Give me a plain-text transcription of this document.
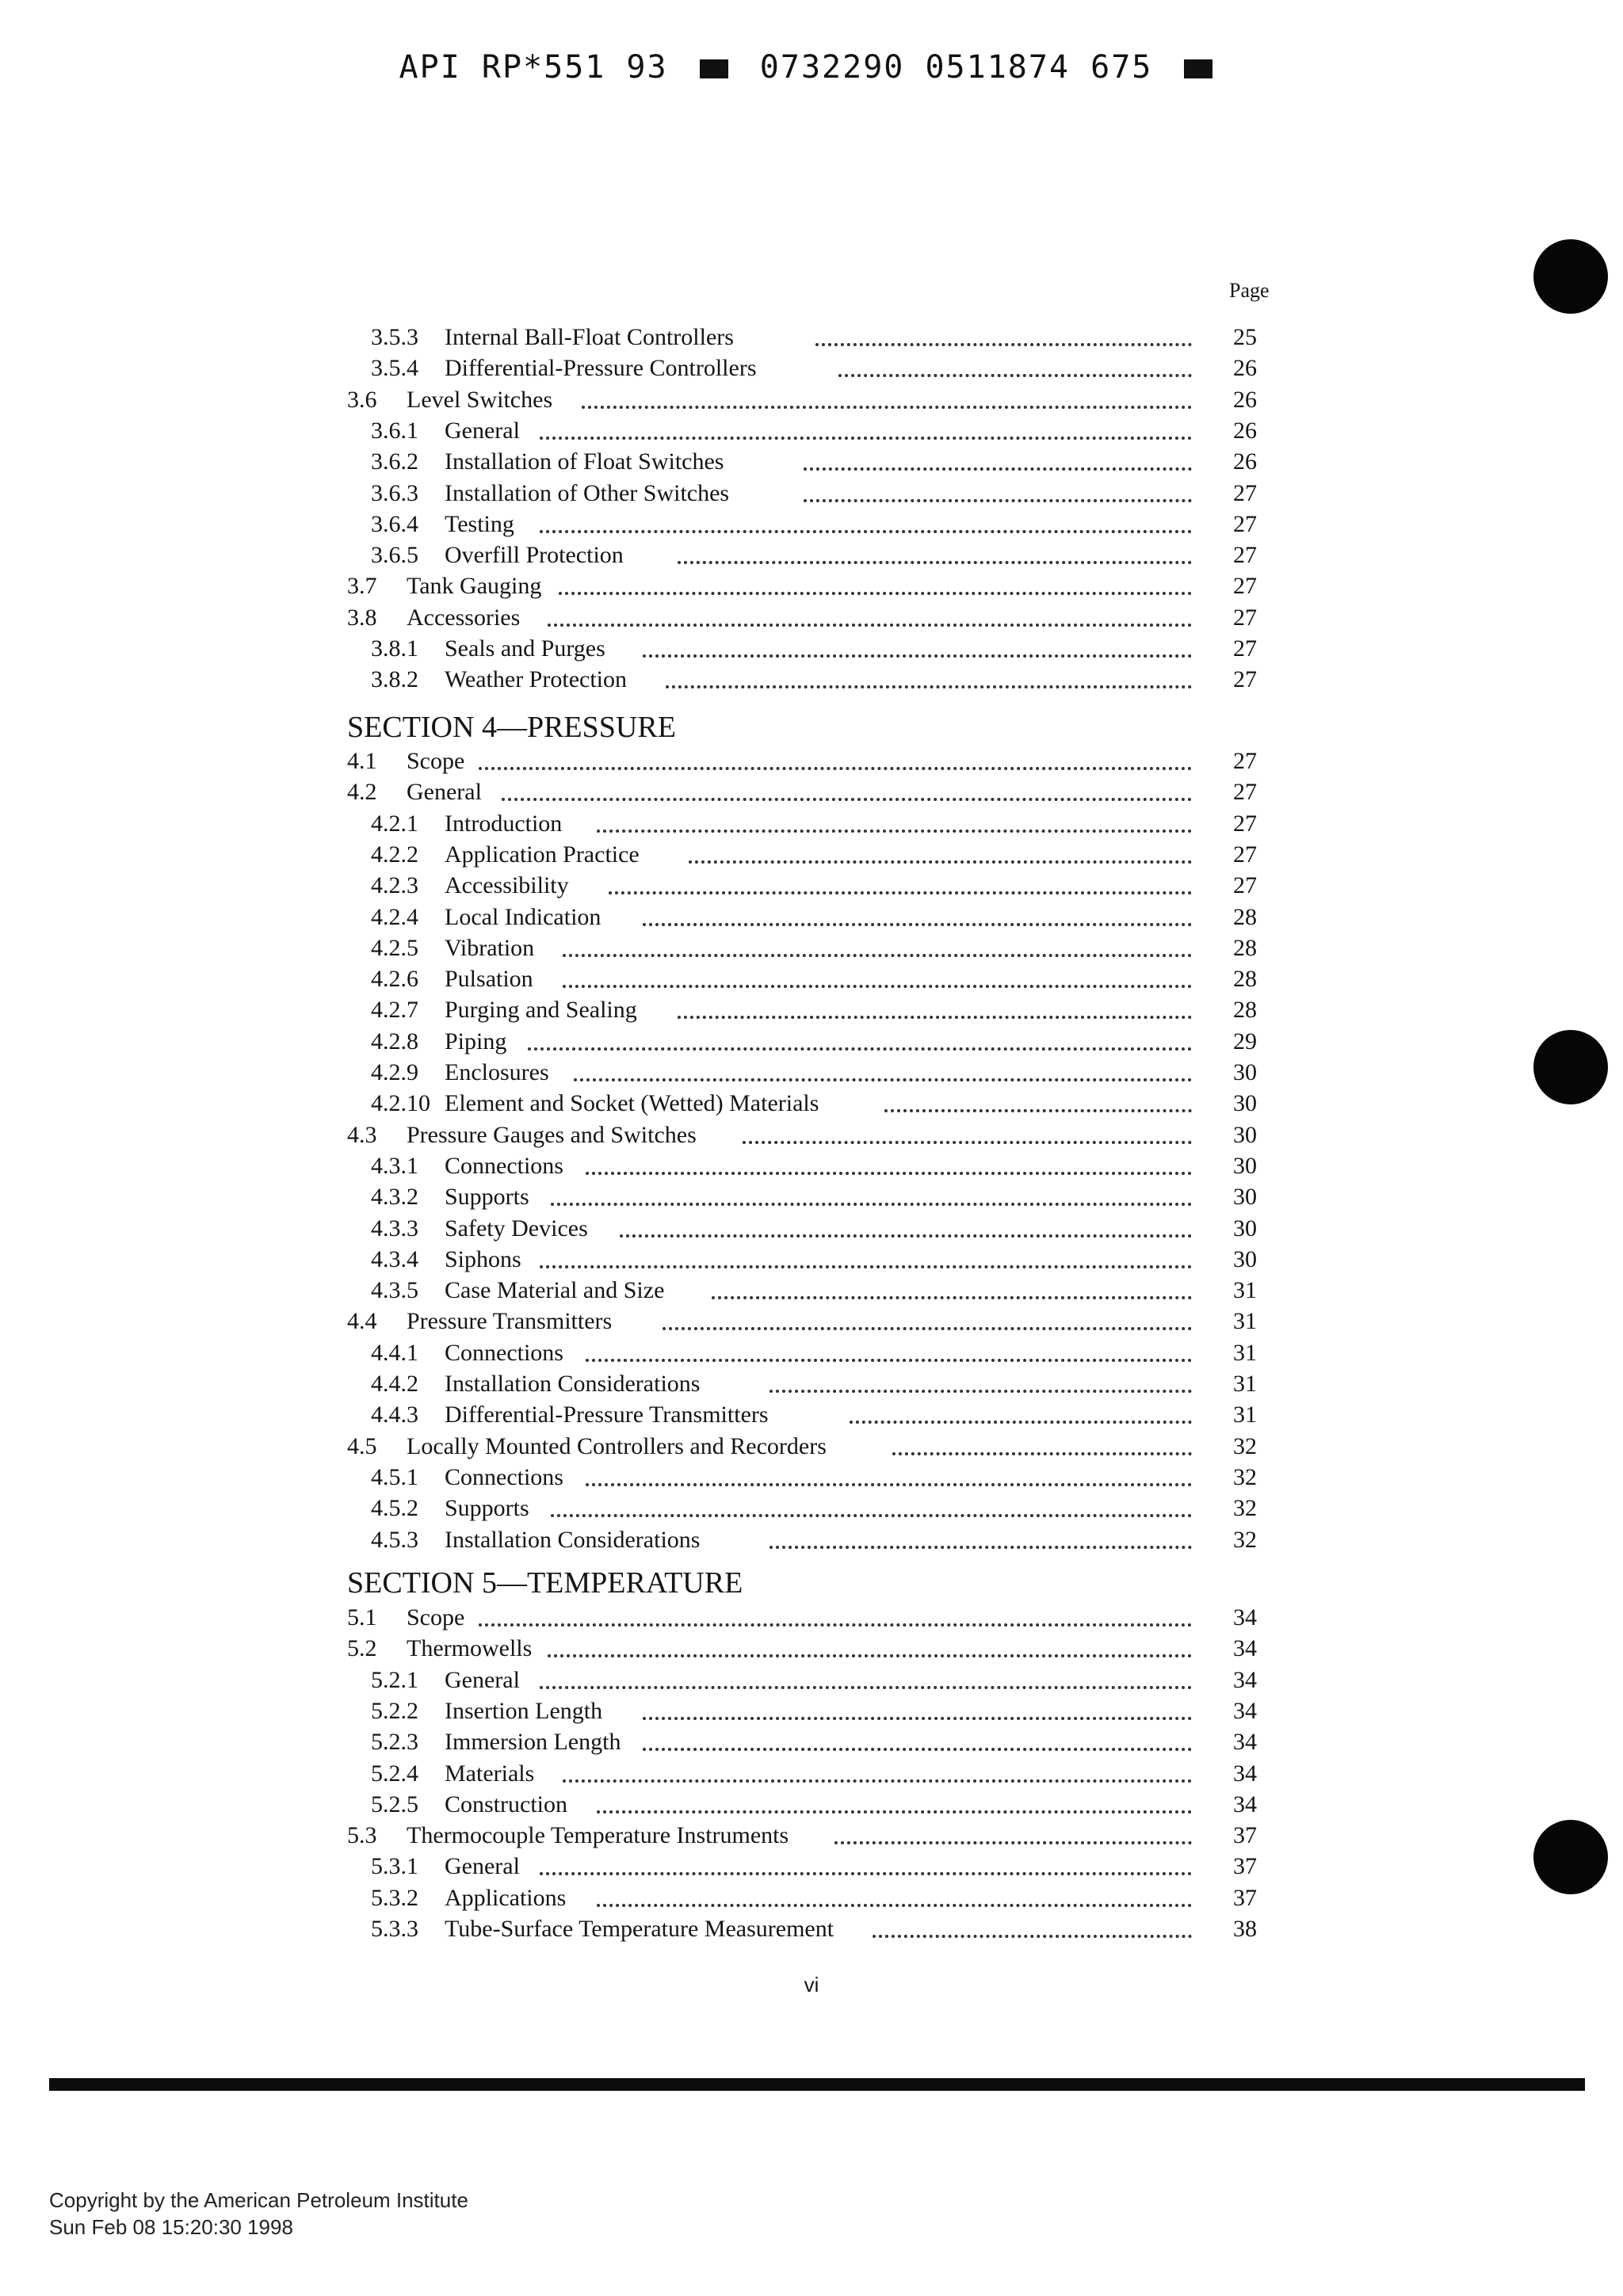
API RP*551 93	0732290 0511874 675
Page
3.5.3 Internal Ball-Float Controllers	25
3.5.4 Differential-Pressure Controllers	26
3.6 Level Switches	26
3.6.1 General	26
3.6.2 Installation of Float Switches	26
3.6.3 Installation of Other Switches	27
3.6.4 Testing	27
3.6.5 Overfill Protection	27
3.7 Tank Gauging	27
3.8 Accessories	27
3.8.1 Seals and Purges	27
3.8.2 Weather Protection	27
SECTION 4—PRESSURE
4.1 Scope	27
4.2 General	27
4.2.1 Introduction	27
4.2.2 Application Practice	27
4.2.3 Accessibility	27
4.2.4 Local Indication	28
4.2.5 Vibration	28
4.2.6 Pulsation	28
4.2.7 Purging and Sealing	28
4.2.8 Piping	29
4.2.9 Enclosures	30
4.2.10 Element and Socket (Wetted) Materials	30
4.3 Pressure Gauges and Switches	30
4.3.1 Connections	30
4.3.2 Supports	30
4.3.3 Safety Devices	30
4.3.4 Siphons	30
4.3.5 Case Material and Size	31
4.4 Pressure Transmitters	31
4.4.1 Connections	31
4.4.2 Installation Considerations	31
4.4.3 Differential-Pressure Transmitters	31
4.5 Locally Mounted Controllers and Recorders	32
4.5.1 Connections	32
4.5.2 Supports	32
4.5.3 Installation Considerations	32
SECTION 5—TEMPERATURE
5.1 Scope	34
5.2 Thermowells	34
5.2.1 General	34
5.2.2 Insertion Length	34
5.2.3 Immersion Length	34
5.2.4 Materials	34
5.2.5 Construction	34
5.3 Thermocouple Temperature Instruments	37
5.3.1 General	37
5.3.2 Applications	37
5.3.3 Tube-Surface Temperature Measurement	38
vi
Copyright by the American Petroleum Institute
Sun Feb 08 15:20:30 1998
